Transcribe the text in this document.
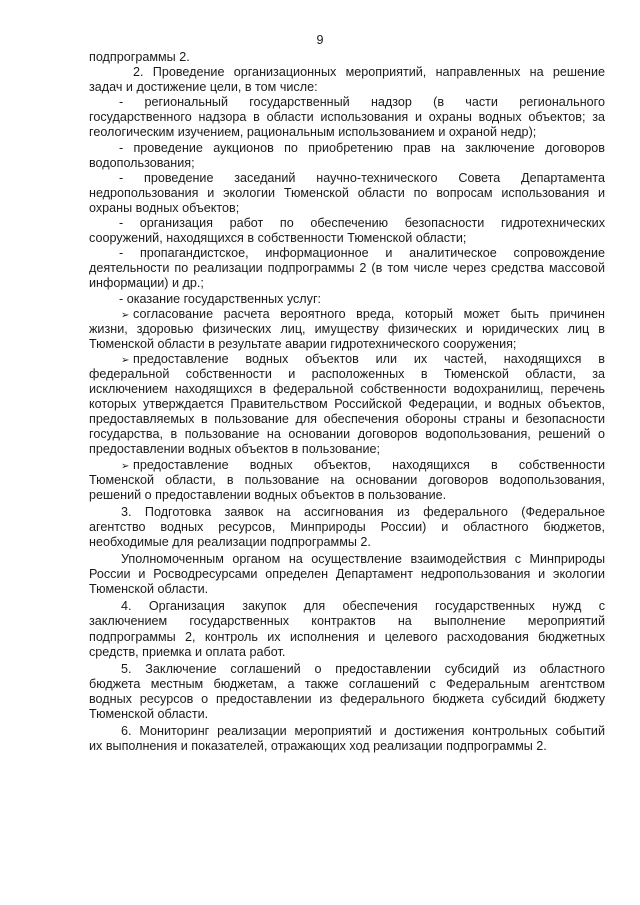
9
подпрограммы 2.
2. Проведение организационных мероприятий, направленных на решение
задач и достижение цели, в том числе:
- региональный государственный надзор (в части регионального
государственного надзора в области использования и охраны водных объектов; за
геологическим изучением, рациональным использованием и охраной недр);
- проведение аукционов по приобретению прав на заключение договоров
водопользования;
- проведение заседаний научно-технического Совета Департамента
недропользования и экологии Тюменской области по вопросам использования и
охраны водных объектов;
- организация работ по обеспечению безопасности гидротехнических
сооружений, находящихся в собственности Тюменской области;
- пропагандистское, информационное и аналитическое сопровождение
деятельности по реализации подпрограммы 2 (в том числе через средства массовой
информации) и др.;
- оказание государственных услуг:
➢ согласование расчета вероятного вреда, который может быть причинен
жизни, здоровью физических лиц, имуществу физических и юридических лиц в
Тюменской области в результате аварии гидротехнического сооружения;
➢ предоставление водных объектов или их частей, находящихся в
федеральной собственности и расположенных в Тюменской области, за
исключением находящихся в федеральной собственности водохранилищ, перечень
которых утверждается Правительством Российской Федерации, и водных объектов,
предоставляемых в пользование для обеспечения обороны страны и безопасности
государства, в пользование на основании договоров водопользования, решений о
предоставлении водных объектов в пользование;
➢ предоставление водных объектов, находящихся в собственности
Тюменской области, в пользование на основании договоров водопользования,
решений о предоставлении водных объектов в пользование.
3. Подготовка заявок на ассигнования из федерального (Федеральное
агентство водных ресурсов, Минприроды России) и областного бюджетов,
необходимые для реализации подпрограммы 2.
Уполномоченным органом на осуществление взаимодействия с Минприроды
России и Росводресурсами определен Департамент недропользования и экологии
Тюменской области.
4. Организация закупок для обеспечения государственных нужд с
заключением государственных контрактов на выполнение мероприятий
подпрограммы 2, контроль их исполнения и целевого расходования бюджетных
средств, приемка и оплата работ.
5. Заключение соглашений о предоставлении субсидий из областного
бюджета местным бюджетам, а также соглашений с Федеральным агентством
водных ресурсов о предоставлении из федерального бюджета субсидий бюджету
Тюменской области.
6. Мониторинг реализации мероприятий и достижения контрольных событий
их выполнения и показателей, отражающих ход реализации подпрограммы 2.
